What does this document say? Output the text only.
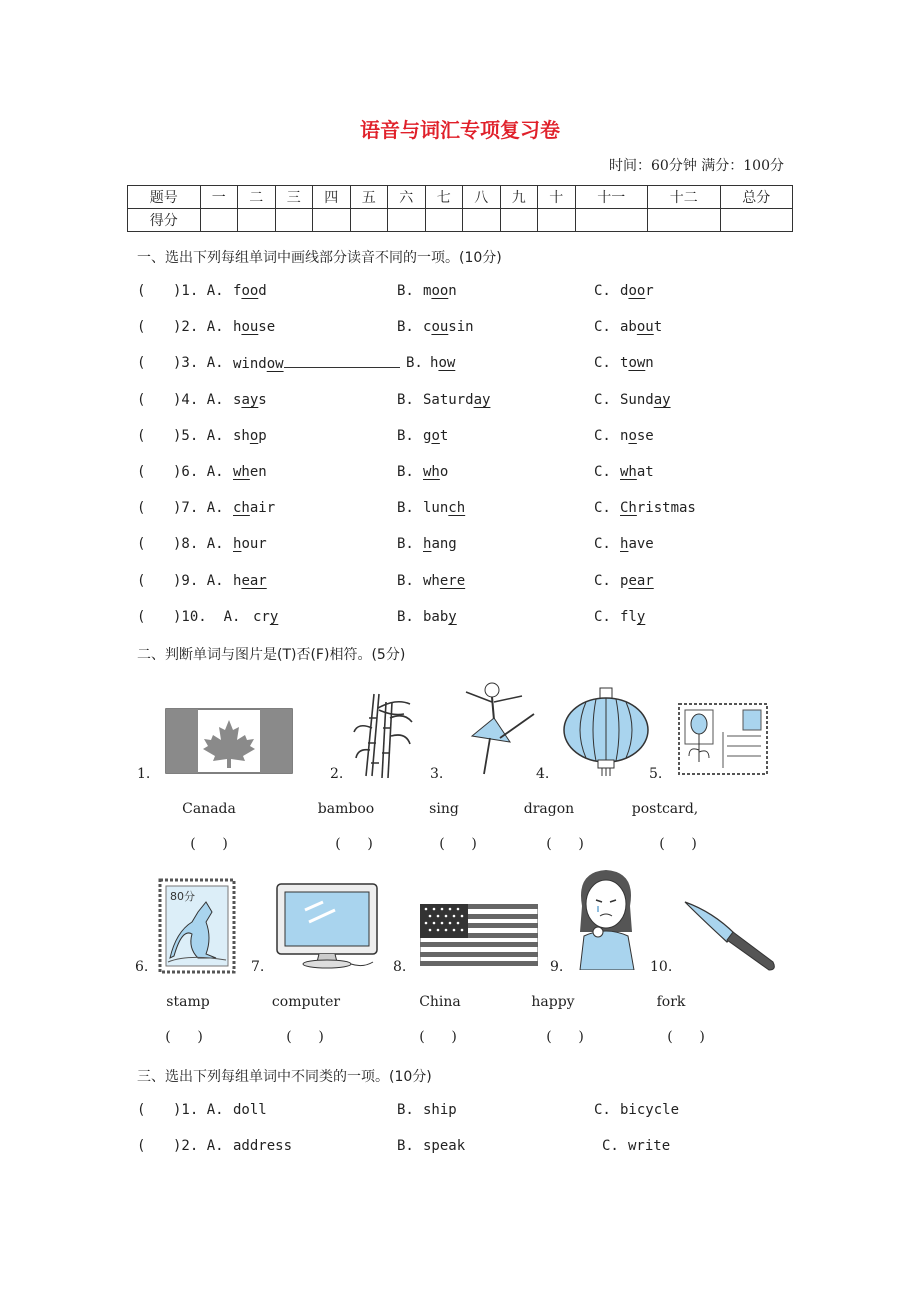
语音与词汇专项复习卷
时间：60分钟 满分：100分
题号	一	二	三	四	五	六	七	八	九	十	十一	十二	总分
得分													
一、选出下列每组单词中画线部分读音不同的一项。(10分)
( )1. A. food	B. moon	C. door
( )2. A. house	B. cousin	C. about
( )3. A. window	B. how	C. town
( )4. A. says	B. Saturday	C. Sunday
( )5. A. shop	B. got	C. nose
( )6. A. when	B. who	C. what
( )7. A. chair	B. lunch	C. Christmas
( )8. A. hour	B. hang	C. have
( )9. A. hear	B. where	C. pear
( )10.  A. cry	B. baby	C. fly
二、判断单词与图片是(T)否(F)相符。(5分)
1.	2.	3.	4.	5.
Canada	bamboo	sing	dragon	postcard,
(      )	(      )	(      )	(      )	(      )
80分
6.	7.	8.	9.	10.
stamp	computer	China	happy	fork
(      )	(      )	(      )	(      )	(      )
三、选出下列每组单词中不同类的一项。(10分)
( )1. A. doll	B. ship	C. bicycle
( )2. A. address	B. speak	C. write
